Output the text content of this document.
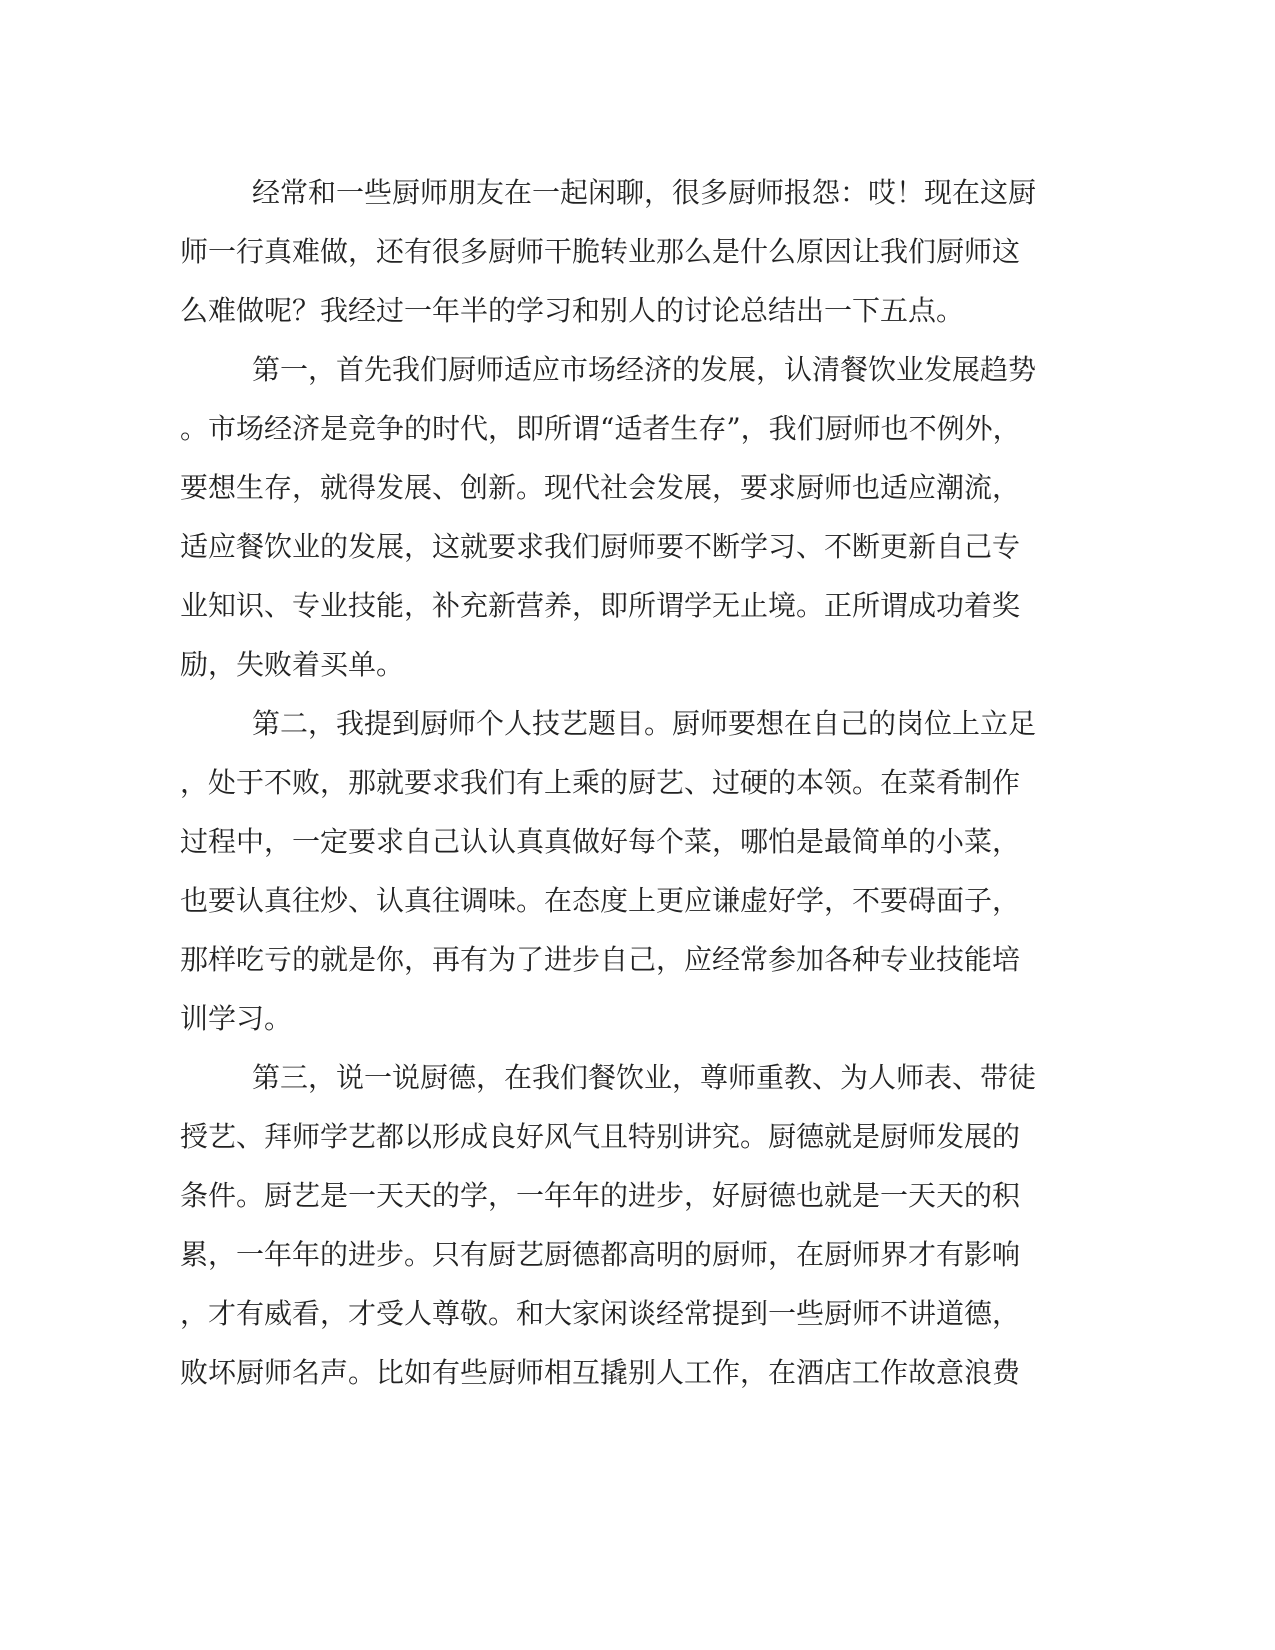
经常和一些厨师朋友在一起闲聊，很多厨师报怨：哎！现在这厨
师一行真难做，还有很多厨师干脆转业那么是什么原因让我们厨师这
么难做呢？我经过一年半的学习和别人的讨论总结出一下五点。
第一，首先我们厨师适应市场经济的发展，认清餐饮业发展趋势
。市场经济是竞争的时代，即所谓“适者生存”，我们厨师也不例外，
要想生存，就得发展、创新。现代社会发展，要求厨师也适应潮流，
适应餐饮业的发展，这就要求我们厨师要不断学习、不断更新自己专
业知识、专业技能，补充新营养，即所谓学无止境。正所谓成功着奖
励，失败着买单。
第二，我提到厨师个人技艺题目。厨师要想在自己的岗位上立足
，处于不败，那就要求我们有上乘的厨艺、过硬的本领。在菜肴制作
过程中，一定要求自己认认真真做好每个菜，哪怕是最简单的小菜，
也要认真往炒、认真往调味。在态度上更应谦虚好学，不要碍面子，
那样吃亏的就是你，再有为了进步自己，应经常参加各种专业技能培
训学习。
第三，说一说厨德，在我们餐饮业，尊师重教、为人师表、带徒
授艺、拜师学艺都以形成良好风气且特别讲究。厨德就是厨师发展的
条件。厨艺是一天天的学，一年年的进步，好厨德也就是一天天的积
累，一年年的进步。只有厨艺厨德都高明的厨师，在厨师界才有影响
，才有威看，才受人尊敬。和大家闲谈经常提到一些厨师不讲道德，
败坏厨师名声。比如有些厨师相互撬别人工作，在酒店工作故意浪费
